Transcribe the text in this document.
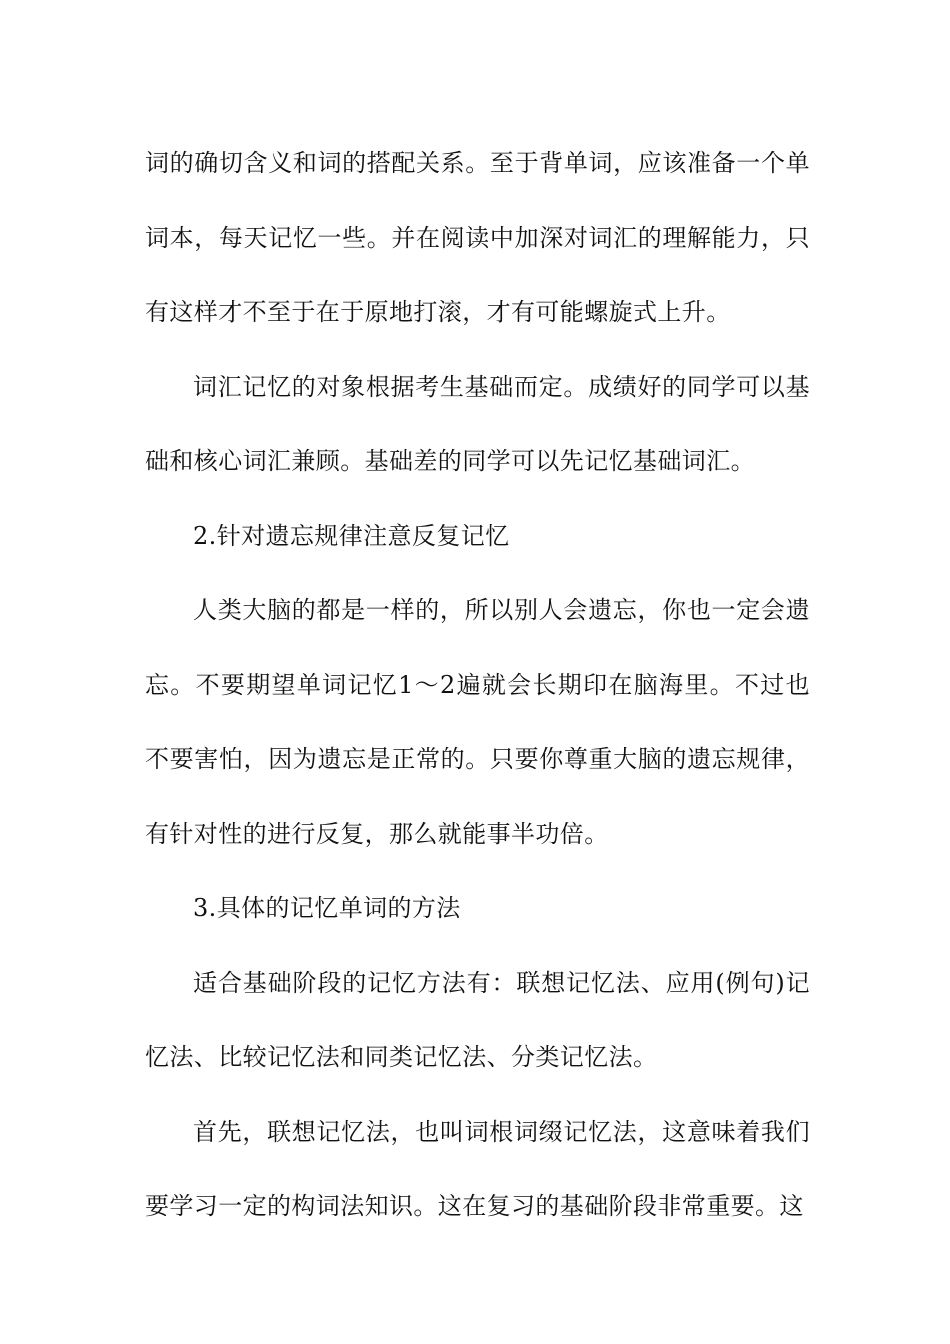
词的确切含义和词的搭配关系。至于背单词，应该准备一个单词本，每天记忆一些。并在阅读中加深对词汇的理解能力，只有这样才不至于在于原地打滚，才有可能螺旋式上升。

词汇记忆的对象根据考生基础而定。成绩好的同学可以基础和核心词汇兼顾。基础差的同学可以先记忆基础词汇。

2.针对遗忘规律注意反复记忆

人类大脑的都是一样的，所以别人会遗忘，你也一定会遗忘。不要期望单词记忆1～2遍就会长期印在脑海里。不过也不要害怕，因为遗忘是正常的。只要你尊重大脑的遗忘规律，有针对性的进行反复，那么就能事半功倍。

3.具体的记忆单词的方法

适合基础阶段的记忆方法有：联想记忆法、应用(例句)记忆法、比较记忆法和同类记忆法、分类记忆法。

首先，联想记忆法，也叫词根词缀记忆法，这意味着我们要学习一定的构词法知识。这在复习的基础阶段非常重要。这
